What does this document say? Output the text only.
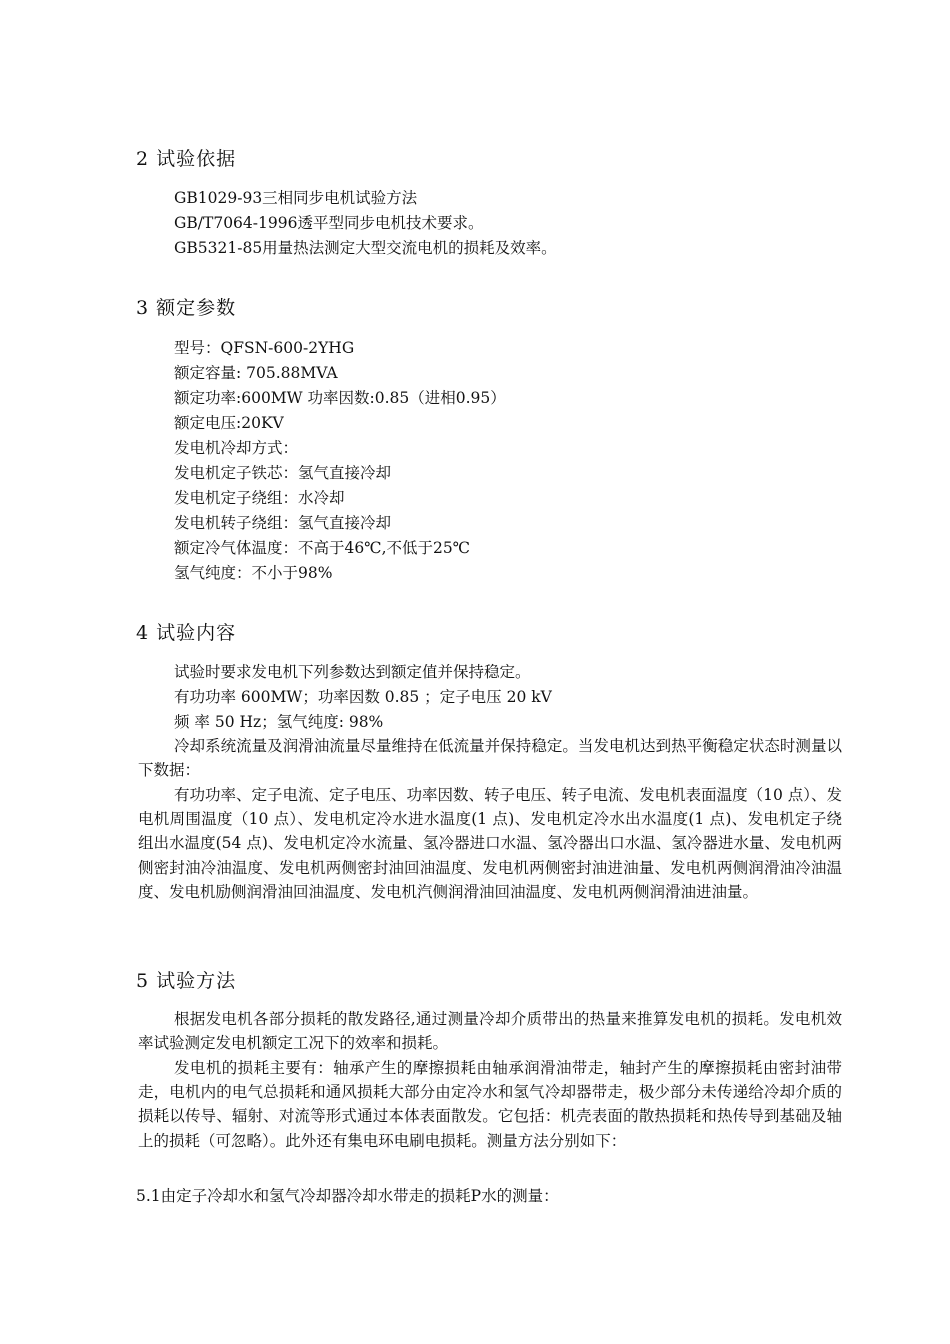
2 试验依据
GB1029-93三相同步电机试验方法
GB/T7064-1996透平型同步电机技术要求。
GB5321-85用量热法测定大型交流电机的损耗及效率。
3 额定参数
型号：QFSN-600-2YHG
额定容量: 705.88MVA
额定功率:600MW 功率因数:0.85（进相0.95）
额定电压:20KV
发电机冷却方式：
发电机定子铁芯：氢气直接冷却
发电机定子绕组：水冷却
发电机转子绕组：氢气直接冷却
额定冷气体温度：不高于46℃,不低于25℃
氢气纯度：不小于98%
4 试验内容
试验时要求发电机下列参数达到额定值并保持稳定。
有功功率 600MW；功率因数 0.85 ；定子电压 20 kV
频 率 50 Hz；氢气纯度: 98%

冷却系统流量及润滑油流量尽量维持在低流量并保持稳定。当发电机达到热平衡稳定状态时测量以下数据：

有功功率、定子电流、定子电压、功率因数、转子电压、转子电流、发电机表面温度（10 点）、发电机周围温度（10 点）、发电机定冷水进水温度(1 点)、发电机定冷水出水温度(1 点)、发电机定子绕组出水温度(54 点)、发电机定冷水流量、氢冷器进口水温、氢冷器出口水温、氢冷器进水量、发电机两侧密封油冷油温度、发电机两侧密封油回油温度、发电机两侧密封油进油量、发电机两侧润滑油冷油温度、发电机励侧润滑油回油温度、发电机汽侧润滑油回油温度、发电机两侧润滑油进油量。

5 试验方法

根据发电机各部分损耗的散发路径,通过测量冷却介质带出的热量来推算发电机的损耗。发电机效率试验测定发电机额定工况下的效率和损耗。

发电机的损耗主要有：轴承产生的摩擦损耗由轴承润滑油带走，轴封产生的摩擦损耗由密封油带走，电机内的电气总损耗和通风损耗大部分由定冷水和氢气冷却器带走，极少部分未传递给冷却介质的损耗以传导、辐射、对流等形式通过本体表面散发。它包括：机壳表面的散热损耗和热传导到基础及轴上的损耗（可忽略）。此外还有集电环电刷电损耗。测量方法分别如下：

5.1由定子冷却水和氢气冷却器冷却水带走的损耗P水的测量：
